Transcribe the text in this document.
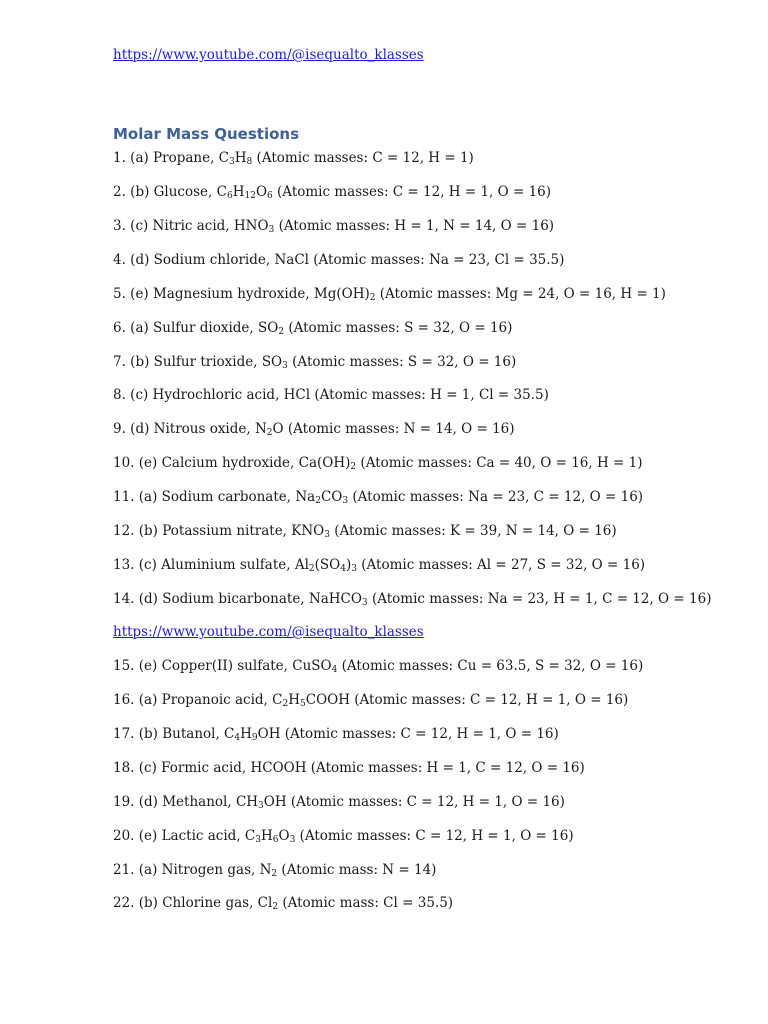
https://www.youtube.com/@isequalto_klasses
Molar Mass Questions
1. (a) Propane, $C_3H_8$ (Atomic masses: C = 12, H = 1)
2. (b) Glucose, $C_6H_{12}O_6$ (Atomic masses: C = 12, H = 1, O = 16)
3. (c) Nitric acid, $HNO_3$ (Atomic masses: H = 1, N = 14, O = 16)
4. (d) Sodium chloride, NaCl (Atomic masses: Na = 23, Cl = 35.5)
5. (e) Magnesium hydroxide, $Mg(OH)_2$ (Atomic masses: Mg = 24, O = 16, H = 1)
6. (a) Sulfur dioxide, $SO_2$ (Atomic masses: S = 32, O = 16)
7. (b) Sulfur trioxide, $SO_3$ (Atomic masses: S = 32, O = 16)
8. (c) Hydrochloric acid, HCl (Atomic masses: H = 1, Cl = 35.5)
9. (d) Nitrous oxide, $N_2O$ (Atomic masses: N = 14, O = 16)
10. (e) Calcium hydroxide, $Ca(OH)_2$ (Atomic masses: Ca = 40, O = 16, H = 1)
11. (a) Sodium carbonate, $Na_2CO_3$ (Atomic masses: Na = 23, C = 12, O = 16)
12. (b) Potassium nitrate, $KNO_3$ (Atomic masses: K = 39, N = 14, O = 16)
13. (c) Aluminium sulfate, $Al_2(SO_4)_3$ (Atomic masses: Al = 27, S = 32, O = 16)
14. (d) Sodium bicarbonate, NaHCO$_3$ (Atomic masses: Na = 23, H = 1, C = 12, O = 16)
15. (e) Copper(II) sulfate, CuSO$_4$ (Atomic masses: Cu = 63.5, S = 32, O = 16)
16. (a) Propanoic acid, $C_2H_5COOH$ (Atomic masses: C = 12, H = 1, O = 16)
17. (b) Butanol, $C_4H_9OH$ (Atomic masses: C = 12, H = 1, O = 16)
18. (c) Formic acid, HCOOH (Atomic masses: H = 1, C = 12, O = 16)
19. (d) Methanol, $CH_3OH$ (Atomic masses: C = 12, H = 1, O = 16)
20. (e) Lactic acid, $C_3H_6O_3$ (Atomic masses: C = 12, H = 1, O = 16)
21. (a) Nitrogen gas, $N_2$ (Atomic mass: N = 14)
22. (b) Chlorine gas, $Cl_2$ (Atomic mass: Cl = 35.5)
https://www.youtube.com/@isequalto_klasses
